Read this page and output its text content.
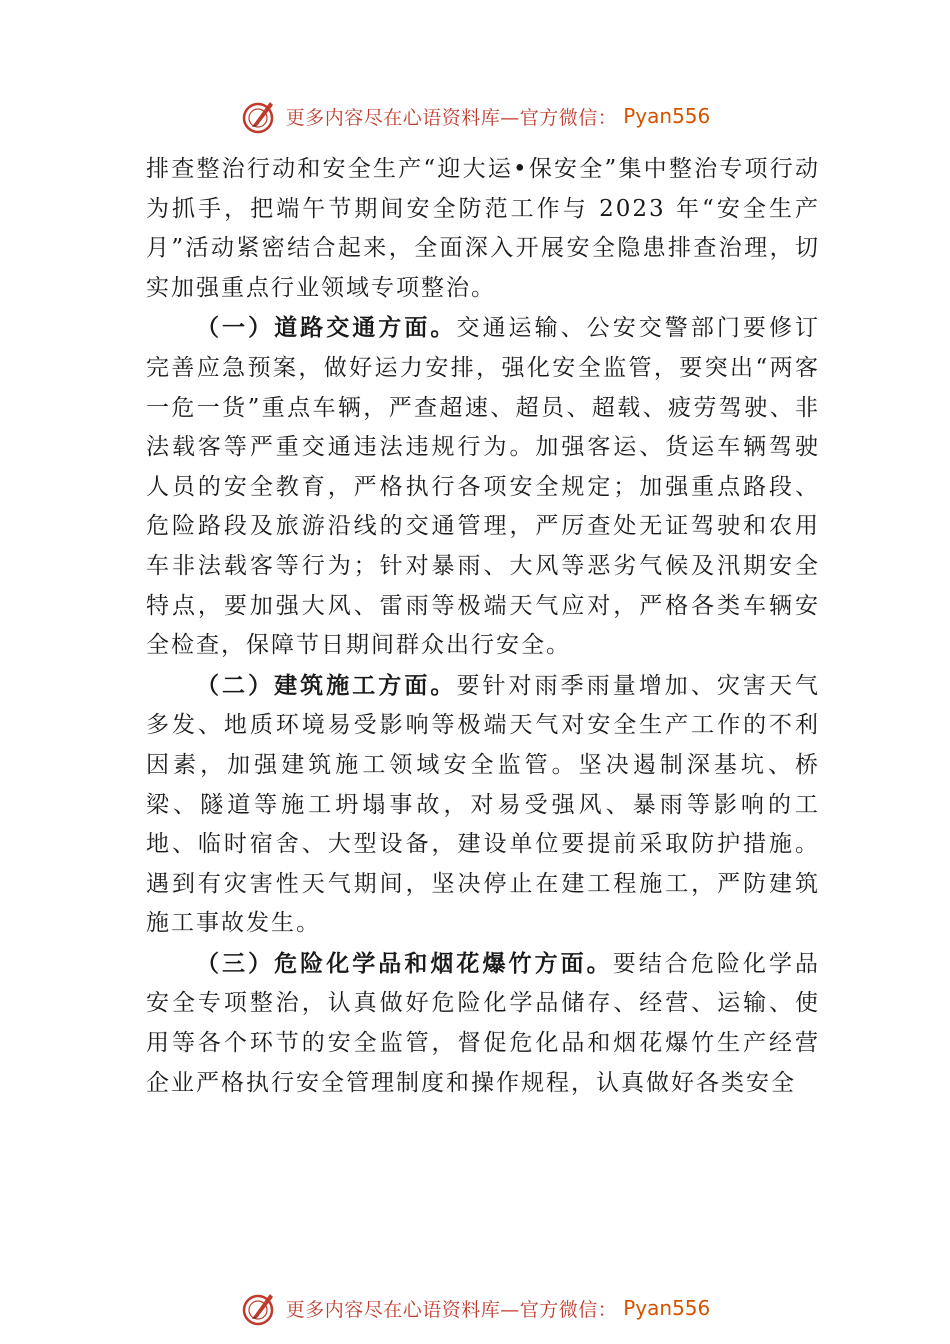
更多内容尽在心语资料库—官方微信： Pyan556

排查整治行动和安全生产“迎大运•保安全”集中整治专项行动为抓手，把端午节期间安全防范工作与 2023 年“安全生产月”活动紧密结合起来，全面深入开展安全隐患排查治理，切实加强重点行业领域专项整治。

（一）道路交通方面。交通运输、公安交警部门要修订完善应急预案，做好运力安排，强化安全监管，要突出“两客一危一货”重点车辆，严查超速、超员、超载、疲劳驾驶、非法载客等严重交通违法违规行为。加强客运、货运车辆驾驶人员的安全教育，严格执行各项安全规定；加强重点路段、危险路段及旅游沿线的交通管理，严厉查处无证驾驶和农用车非法载客等行为；针对暴雨、大风等恶劣气候及汛期安全特点，要加强大风、雷雨等极端天气应对，严格各类车辆安全检查，保障节日期间群众出行安全。

（二）建筑施工方面。要针对雨季雨量增加、灾害天气多发、地质环境易受影响等极端天气对安全生产工作的不利因素，加强建筑施工领域安全监管。坚决遏制深基坑、桥梁、隧道等施工坍塌事故，对易受强风、暴雨等影响的工地、临时宿舍、大型设备，建设单位要提前采取防护措施。遇到有灾害性天气期间，坚决停止在建工程施工，严防建筑施工事故发生。

（三）危险化学品和烟花爆竹方面。要结合危险化学品安全专项整治，认真做好危险化学品储存、经营、运输、使用等各个环节的安全监管，督促危化品和烟花爆竹生产经营企业严格执行安全管理制度和操作规程，认真做好各类安全

更多内容尽在心语资料库—官方微信： Pyan556
